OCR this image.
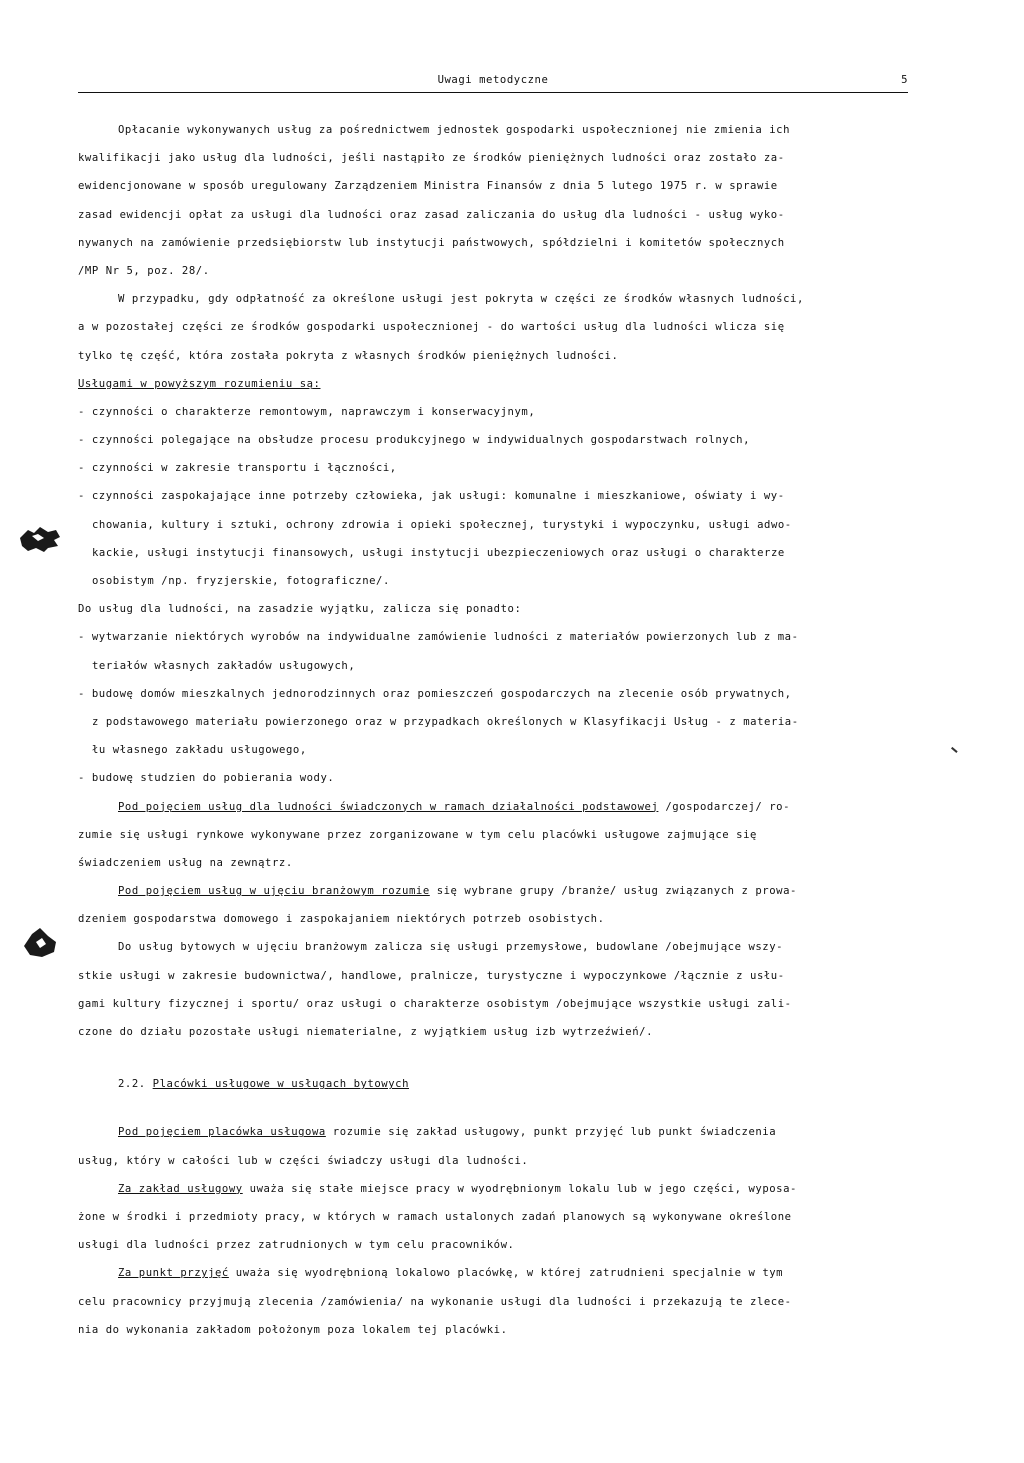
Uwagi metodyczne	5
Opłacanie wykonywanych usług za pośrednictwem jednostek gospodarki uspołecznionej nie zmienia ich
kwalifikacji jako usług dla ludności, jeśli nastąpiło ze środków pieniężnych ludności oraz zostało za-
ewidencjonowane w sposób uregulowany Zarządzeniem Ministra Finansów z dnia 5 lutego 1975 r. w sprawie
zasad ewidencji opłat za usługi dla ludności oraz zasad zaliczania do usług dla ludności - usług wyko-
nywanych na zamówienie przedsiębiorstw lub instytucji państwowych, spółdzielni i komitetów społecznych
/MP Nr 5, poz. 28/.
W przypadku, gdy odpłatność za określone usługi jest pokryta w części ze środków własnych ludności,
a w pozostałej części ze środków gospodarki uspołecznionej - do wartości usług dla ludności wlicza się
tylko tę część, która została pokryta z własnych środków pieniężnych ludności.
Usługami w powyższym rozumieniu są:
- czynności o charakterze remontowym, naprawczym i konserwacyjnym,
- czynności polegające na obsłudze procesu produkcyjnego w indywidualnych gospodarstwach rolnych,
- czynności w zakresie transportu i łączności,
- czynności zaspokajające inne potrzeby człowieka, jak usługi: komunalne i mieszkaniowe, oświaty i wy-
chowania, kultury i sztuki, ochrony zdrowia i opieki społecznej, turystyki i wypoczynku, usługi adwo-
kackie, usługi instytucji finansowych, usługi instytucji ubezpieczeniowych oraz usługi o charakterze
osobistym /np. fryzjerskie, fotograficzne/.
Do usług dla ludności, na zasadzie wyjątku, zalicza się ponadto:
- wytwarzanie niektórych wyrobów na indywidualne zamówienie ludności z materiałów powierzonych lub z ma-
teriałów własnych zakładów usługowych,
- budowę domów mieszkalnych jednorodzinnych oraz pomieszczeń gospodarczych na zlecenie osób prywatnych,
z podstawowego materiału powierzonego oraz w przypadkach określonych w Klasyfikacji Usług - z materia-
łu własnego zakładu usługowego,
- budowę studzien do pobierania wody.
Pod pojęciem usług dla ludności świadczonych w ramach działalności podstawowej /gospodarczej/ ro-
zumie się usługi rynkowe wykonywane przez zorganizowane w tym celu placówki usługowe zajmujące się
świadczeniem usług na zewnątrz.
Pod pojęciem usług w ujęciu branżowym rozumie się wybrane grupy /branże/ usług związanych z prowa-
dzeniem gospodarstwa domowego i zaspokajaniem niektórych potrzeb osobistych.
Do usług bytowych w ujęciu branżowym zalicza się usługi przemysłowe, budowlane /obejmujące wszy-
stkie usługi w zakresie budownictwa/, handlowe, pralnicze, turystyczne i wypoczynkowe /łącznie z usłu-
gami kultury fizycznej i sportu/ oraz usługi o charakterze osobistym /obejmujące wszystkie usługi zali-
czone do działu pozostałe usługi niematerialne, z wyjątkiem usług izb wytrzeźwień/.
2.2. Placówki usługowe w usługach bytowych
Pod pojęciem placówka usługowa rozumie się zakład usługowy, punkt przyjęć lub punkt świadczenia
usług, który w całości lub w części świadczy usługi dla ludności.
Za zakład usługowy uważa się stałe miejsce pracy w wyodrębnionym lokalu lub w jego części, wyposa-
żone w środki i przedmioty pracy, w których w ramach ustalonych zadań planowych są wykonywane określone
usługi dla ludności przez zatrudnionych w tym celu pracowników.
Za punkt przyjęć uważa się wyodrębnioną lokalowo placówkę, w której zatrudnieni specjalnie w tym
celu pracownicy przyjmują zlecenia /zamówienia/ na wykonanie usługi dla ludności i przekazują te zlece-
nia do wykonania zakładom położonym poza lokalem tej placówki.
